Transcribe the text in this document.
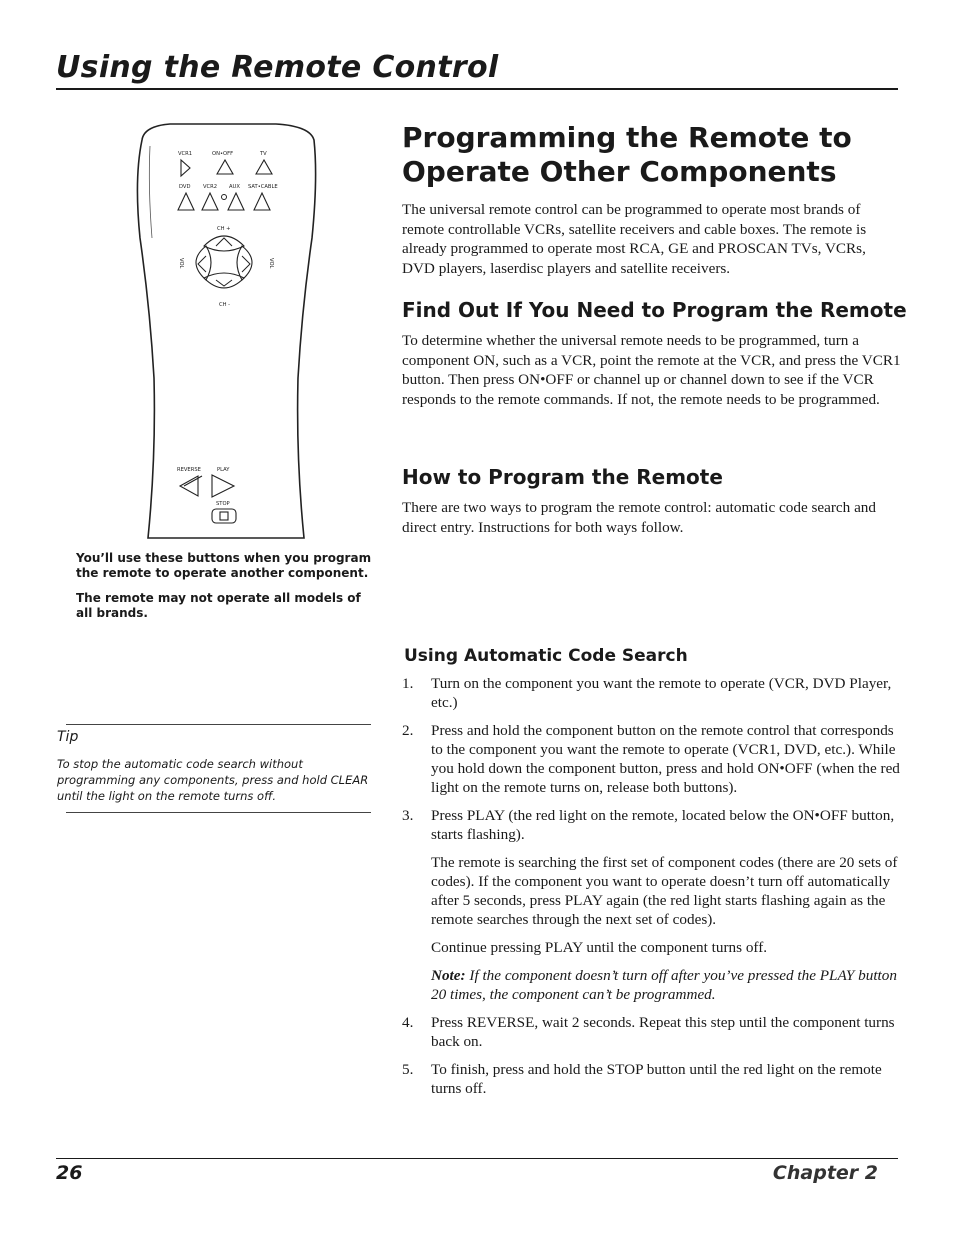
Using the Remote Control
VCR1	ON•OFF	TV
DVD VCR2 AUX SAT•CABLE
CH +
CH -
VOL	VOL
REVERSE	PLAY
STOP

You’ll use these buttons when you program the remote to operate another component.

The remote may not operate all models of all brands.

Tip
To stop the automatic code search without programming any components, press and hold CLEAR until the light on the remote turns off.
Programming the Remote to Operate Other Components
The universal remote control can be programmed to operate most brands of remote controllable VCRs, satellite receivers and cable boxes. The remote is already programmed to operate most RCA, GE and PROSCAN TVs, VCRs, DVD players, laserdisc players and satellite receivers.
Find Out If You Need to Program the Remote
To determine whether the universal remote needs to be programmed, turn a component ON, such as a VCR, point the remote at the VCR, and press the VCR1 button. Then press ON•OFF or channel up or channel down to see if the VCR responds to the remote commands. If not, the remote needs to be programmed.
How to Program the Remote
There are two ways to program the remote control: automatic code search and direct entry. Instructions for both ways follow.
Using Automatic Code Search
1.	Turn on the component you want the remote to operate (VCR, DVD Player, etc.)
2.	Press and hold the component button on the remote control that corresponds to the component you want the remote to operate (VCR1, DVD, etc.). While you hold down the component button, press and hold ON•OFF (when the red light on the remote turns on, release both buttons).
3.	Press PLAY (the red light on the remote, located below the ON•OFF button, starts flashing).
The remote is searching the first set of component codes (there are 20 sets of codes). If the component you want to operate doesn’t turn off automatically after 5 seconds, press PLAY again (the red light starts flashing again as the remote searches through the next set of codes).
Continue pressing PLAY until the component turns off.
Note: If the component doesn’t turn off after you’ve pressed the PLAY button 20 times, the component can’t be programmed.
4.	Press REVERSE, wait 2 seconds. Repeat this step until the component turns back on.
5.	To finish, press and hold the STOP button until the red light on the remote turns off.
26	Chapter 2
